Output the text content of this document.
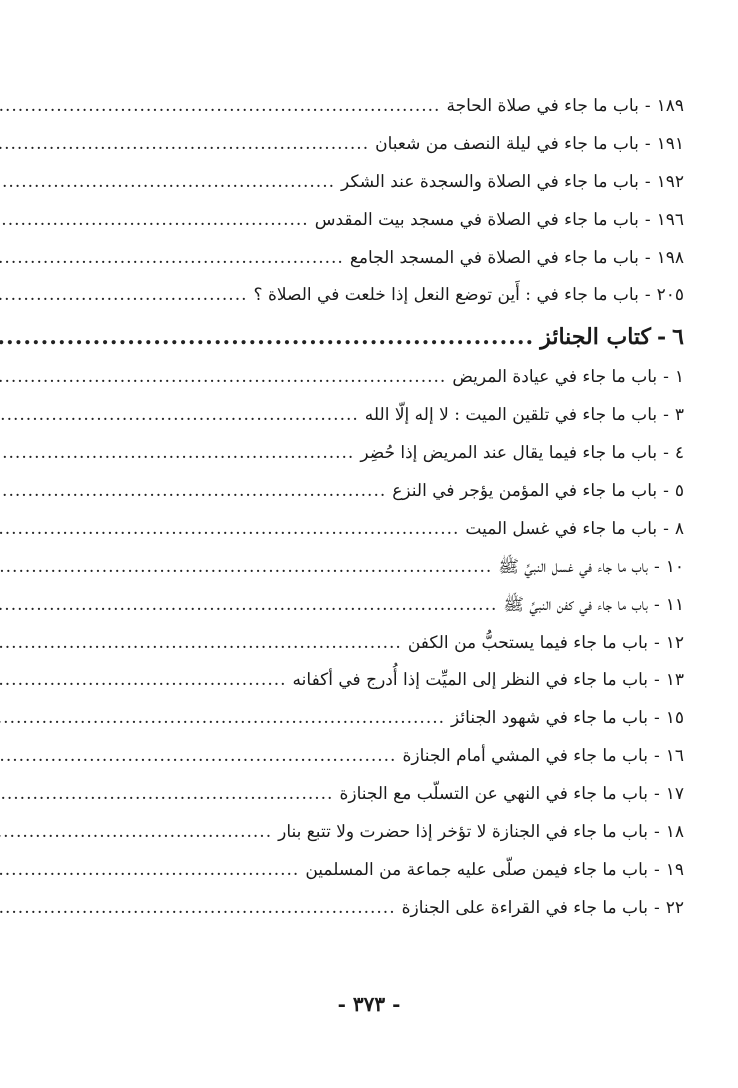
١٨٩
-
باب ما جاء في صلاة الحاجة
.....
١٩١
-
باب ما جاء في ليلة النصف من شعبان
.....
١٩٢
-
باب ما جاء في الصلاة والسجدة عند الشكر
.....
١٩٦
-
باب ما جاء في الصلاة في مسجد بيت المقدس
.....
١٩٨
-
باب ما جاء في الصلاة في المسجد الجامع
.....
٢٠٥
-
باب ما جاء في : أَين توضع النعل إذا خلعت في الصلاة ؟
.....
٦
-
كتاب الجنائز
.....
١
-
باب ما جاء في عيادة المريض
.....
٣
-
باب ما جاء في تلقين الميت : لا إله إلّا الله
.....
٤
-
باب ما جاء فيما يقال عند المريض إذا حُضِر
.....
٥
-
باب ما جاء في المؤمن يؤجر في النزع
.....
٨
-
باب ما جاء في غسل الميت
.....
١٠
-
باب ما جاء في غسل النبيِّ ﷺ
.....
١١
-
باب ما جاء في كفن النبيِّ ﷺ
.....
١٢
-
باب ما جاء فيما يستحبُّ من الكفن
.....
١٣
-
باب ما جاء في النظر إلى الميِّت إذا أُدرج في أكفانه
.....
١٥
-
باب ما جاء في شهود الجنائز
.....
١٦
-
باب ما جاء في المشي أمام الجنازة
.....
١٧
-
باب ما جاء في النهي عن التسلّب مع الجنازة
.....
١٨
-
باب ما جاء في الجنازة لا تؤخر إذا حضرت ولا تتبع بنار
.....
١٩
-
باب ما جاء فيمن صلّى عليه جماعة من المسلمين
.....
٢٢
-
باب ما جاء في القراءة على الجنازة
.....
- ٣٧٣ -
